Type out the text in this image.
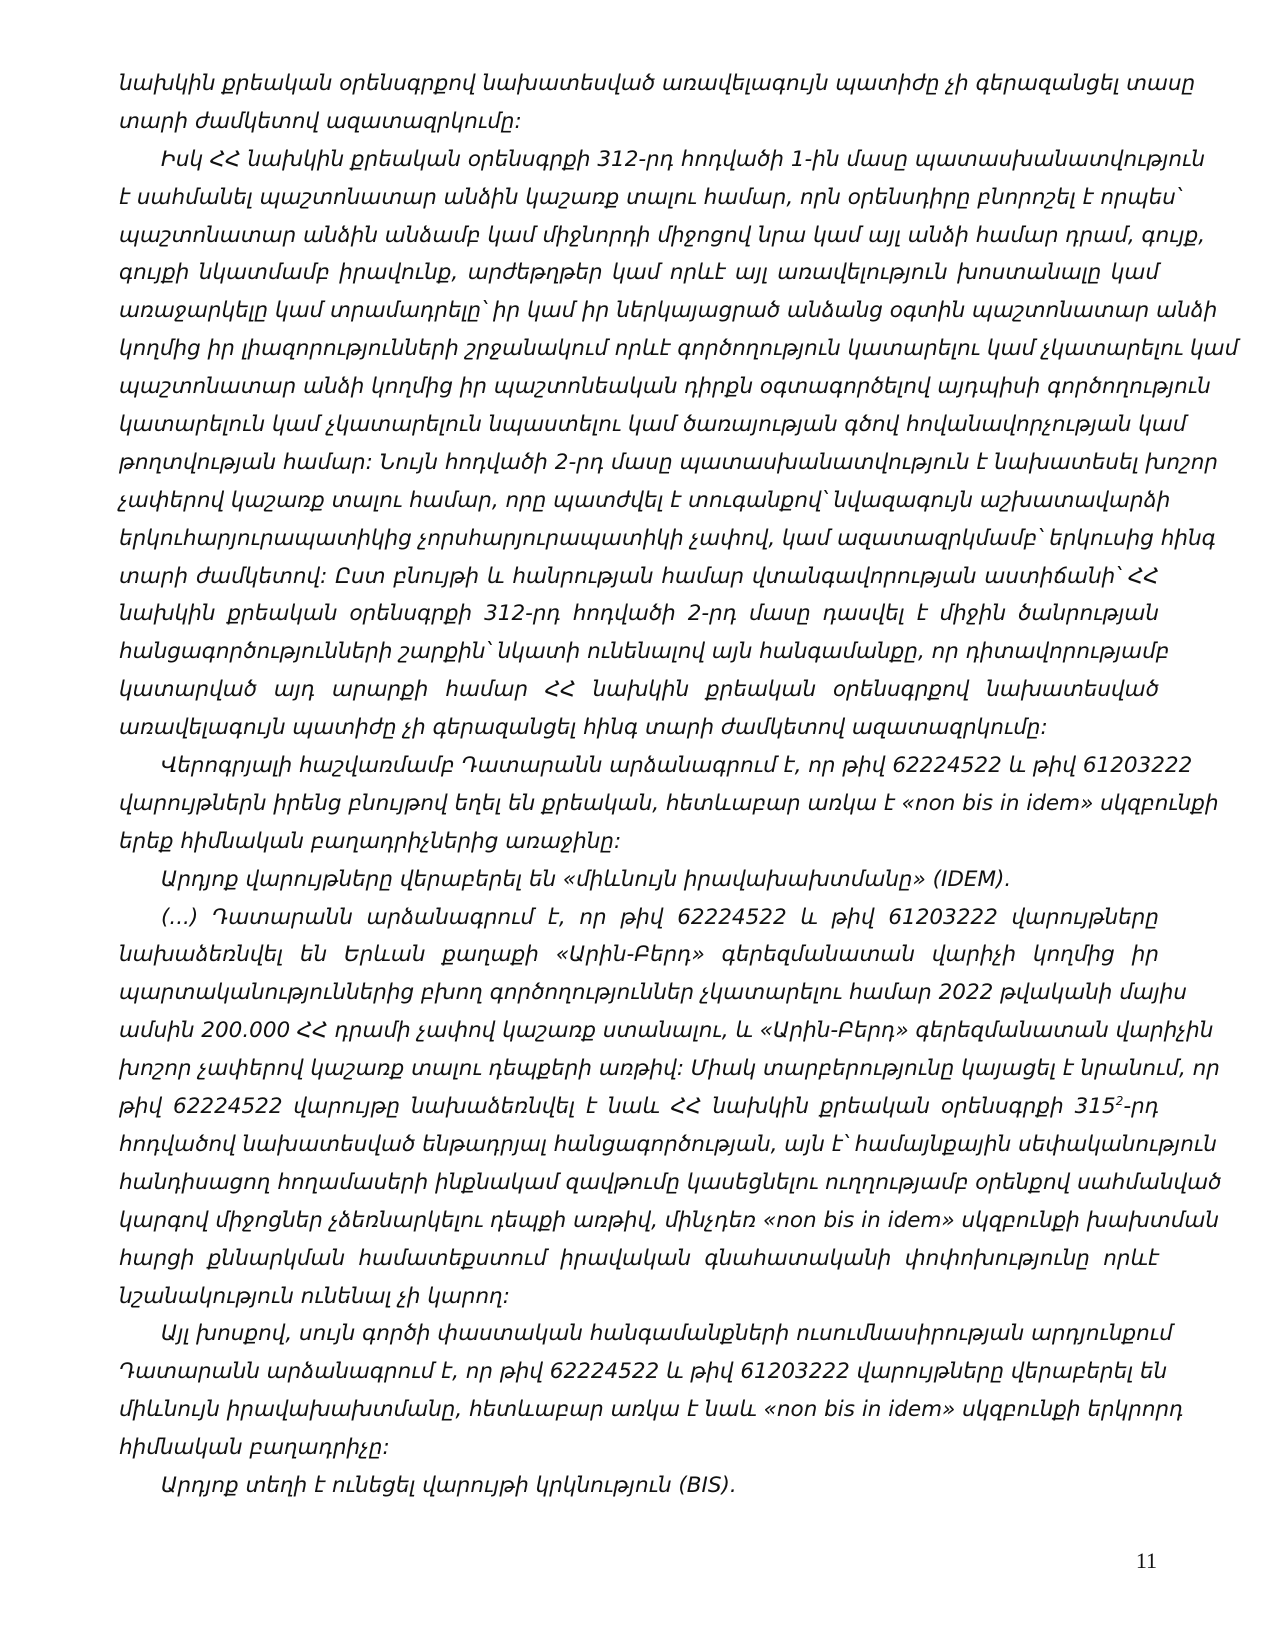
նախկին քրեական օրենսգրքով նախատեսված առավելագույն պատիժը չի գերազանցել տասը
տարի ժամկետով ազատազրկումը:
Իսկ ՀՀ նախկին քրեական օրենսգրքի 312-րդ հոդվածի 1-ին մասը պատասխանատվություն
է սահմանել պաշտոնատար անձին կաշառք տալու համար, որն օրենսդիրը բնորոշել է որպես՝
պաշտոնատար անձին անձամբ կամ միջնորդի միջոցով նրա կամ այլ անձի համար դրամ, գույք,
գույքի նկատմամբ իրավունք, արժեթղթեր կամ որևէ այլ առավելություն խոստանալը կամ
առաջարկելը կամ տրամադրելը՝ իր կամ իր ներկայացրած անձանց օգտին պաշտոնատար անձի
կողմից իր լիազորությունների շրջանակում որևէ գործողություն կատարելու կամ չկատարելու կամ
պաշտոնատար անձի կողմից իր պաշտոնեական դիրքն օգտագործելով այդպիսի գործողություն
կատարելուն կամ չկատարելուն նպաստելու կամ ծառայության գծով հովանավորչության կամ
թողտվության համար: Նույն հոդվածի 2-րդ մասը պատասխանատվություն է նախատեսել խոշոր
չափերով կաշառք տալու համար, որը պատժվել է տուգանքով՝ նվազագույն աշխատավարձի
երկուհարյուրապատիկից չորսհարյուրապատիկի չափով, կամ ազատազրկմամբ՝ երկուսից հինգ
տարի ժամկետով: Ըստ բնույթի և հանրության համար վտանգավորության աստիճանի՝ ՀՀ
նախկին քրեական օրենսգրքի 312-րդ հոդվածի 2-րդ մասը դասվել է միջին ծանրության
հանցագործությունների շարքին՝ նկատի ունենալով այն հանգամանքը, որ դիտավորությամբ
կատարված այդ արարքի համար ՀՀ նախկին քրեական օրենսգրքով նախատեսված
առավելագույն պատիժը չի գերազանցել հինգ տարի ժամկետով ազատազրկումը:
Վերոգրյալի հաշվառմամբ Դատարանն արձանագրում է, որ թիվ 62224522 և թիվ 61203222
վարույթներն իրենց բնույթով եղել են քրեական, հետևաբար առկա է «non bis in idem» սկզբունքի
երեք հիմնական բաղադրիչներից առաջինը:
Արդյոք վարույթները վերաբերել են «միևնույն իրավախախտմանը» (IDEM).
(...) Դատարանն արձանագրում է, որ թիվ 62224522 և թիվ 61203222 վարույթները
նախաձեռնվել են Երևան քաղաքի «Արին-Բերդ» գերեզմանատան վարիչի կողմից իր
պարտականություններից բխող գործողություններ չկատարելու համար 2022 թվականի մայիս
ամսին 200.000 ՀՀ դրամի չափով կաշառք ստանալու, և «Արին-Բերդ» գերեզմանատան վարիչին
խոշոր չափերով կաշառք տալու դեպքերի առթիվ: Միակ տարբերությունը կայացել է նրանում, որ
թիվ 62224522 վարույթը նախաձեռնվել է նաև ՀՀ նախկին քրեական օրենսգրքի $315^2-րդ$
հոդվածով նախատեսված ենթադրյալ հանցագործության, այն է՝ համայնքային սեփականություն
հանդիսացող հողամասերի ինքնակամ զավթումը կասեցնելու ուղղությամբ օրենքով սահմանված
կարգով միջոցներ չձեռնարկելու դեպքի առթիվ, մինչդեռ «non bis in idem» սկզբունքի խախտման
հարցի քննարկման համատեքստում իրավական գնահատականի փոփոխությունը որևէ
նշանակություն ունենալ չի կարող:
Այլ խոսքով, սույն գործի փաստական հանգամանքների ուսումնասիրության արդյունքում
Դատարանն արձանագրում է, որ թիվ 62224522 և թիվ 61203222 վարույթները վերաբերել են
միևնույն իրավախախտմանը, հետևաբար առկա է նաև «non bis in idem» սկզբունքի երկրորդ
հիմնական բաղադրիչը:
Արդյոք տեղի է ունեցել վարույթի կրկնություն (BIS).
11
